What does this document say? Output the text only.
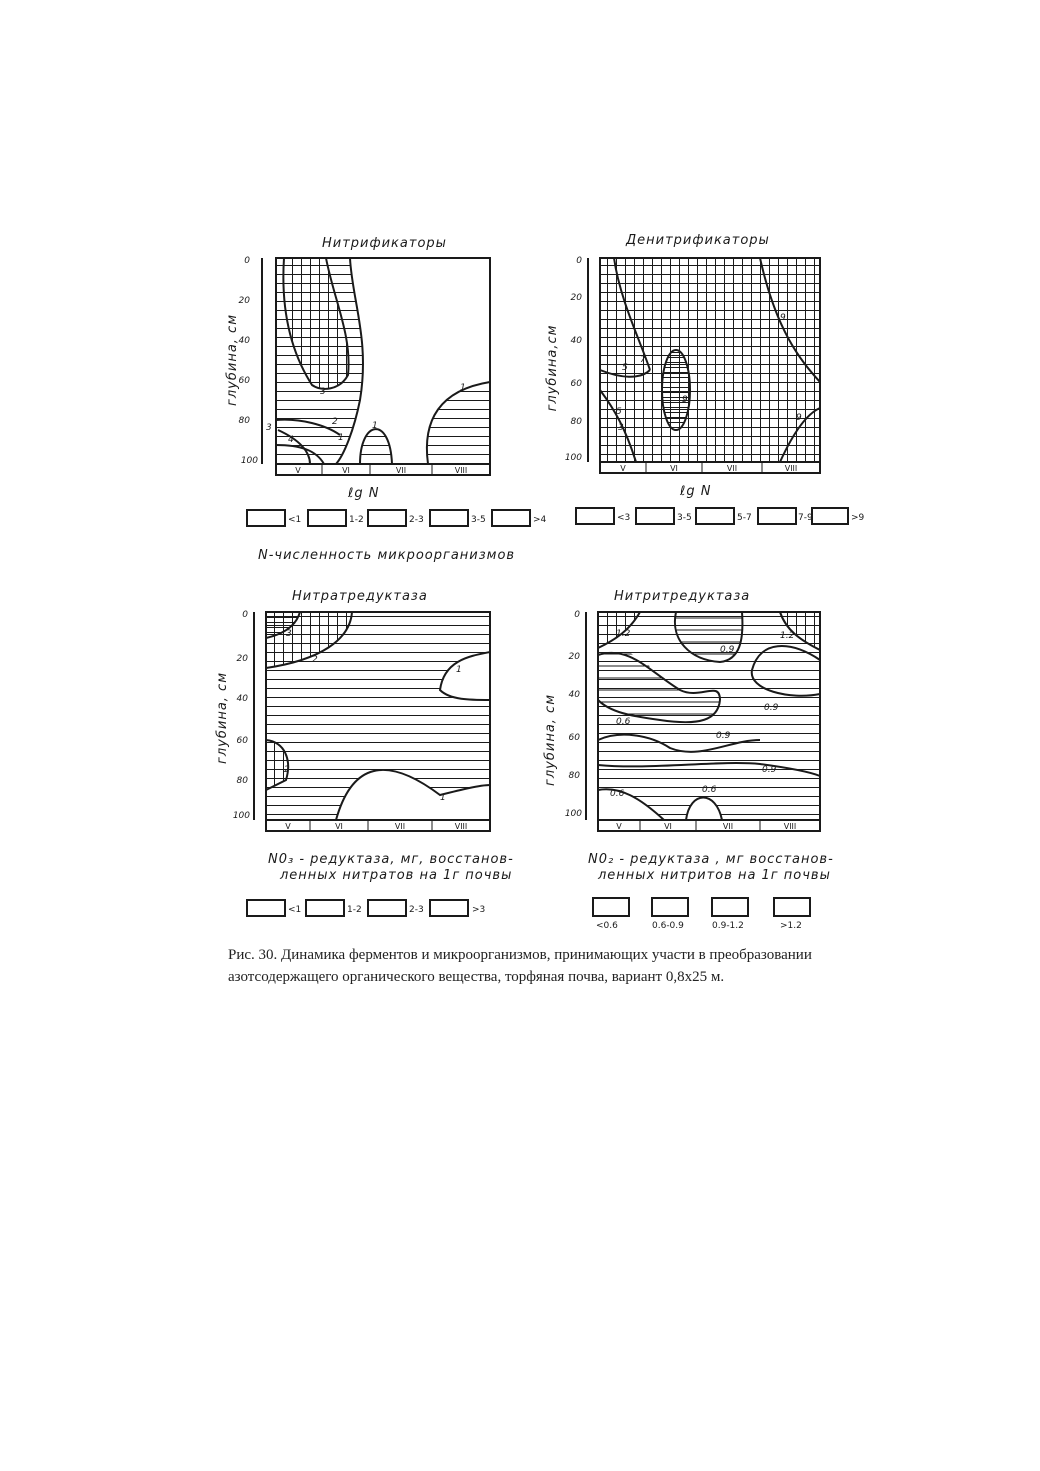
Нитрификаторы
глубина, см	3
3
2
4	1
1
1
0
20
40
60
80
100
V	VI	VII	VIII
ℓg N
<1	1-2	2-3	3-5	>4
N-численность микроорганизмов
Денитрификаторы
глубина,см
9
5
7
9
5
3
9
0
20
40
60
80
100
V	VI	VII	VIII
ℓg N
<3	3-5	5-7	7-9	>9
Нитратредуктаза
глубина, см
3
2
1
2
1
0
20
40
60
80
100
V	VI	VII	VIII
N0₃ - редуктаза, мг, восстанов-
ленных нитратов на 1г почвы
<1	1-2	2-3	>3
Нитритредуктаза
глубина, см
1.2
0.9
1.2
0.9
0.6
0.9
0.9
0.6	0.6
0
20
40
60
80
100
V	VI	VII	VIII
N0₂ - редуктаза , мг восстанов-
ленных нитритов на 1г почвы
<0.6	0.6-0.9	0.9-1.2	>1.2
Рис. 30. Динамика ферментов и микроорганизмов, принимающих участи в преобразовании азотсодержащего органического вещества, торфяная почва, вариант 0,8х25 м.
